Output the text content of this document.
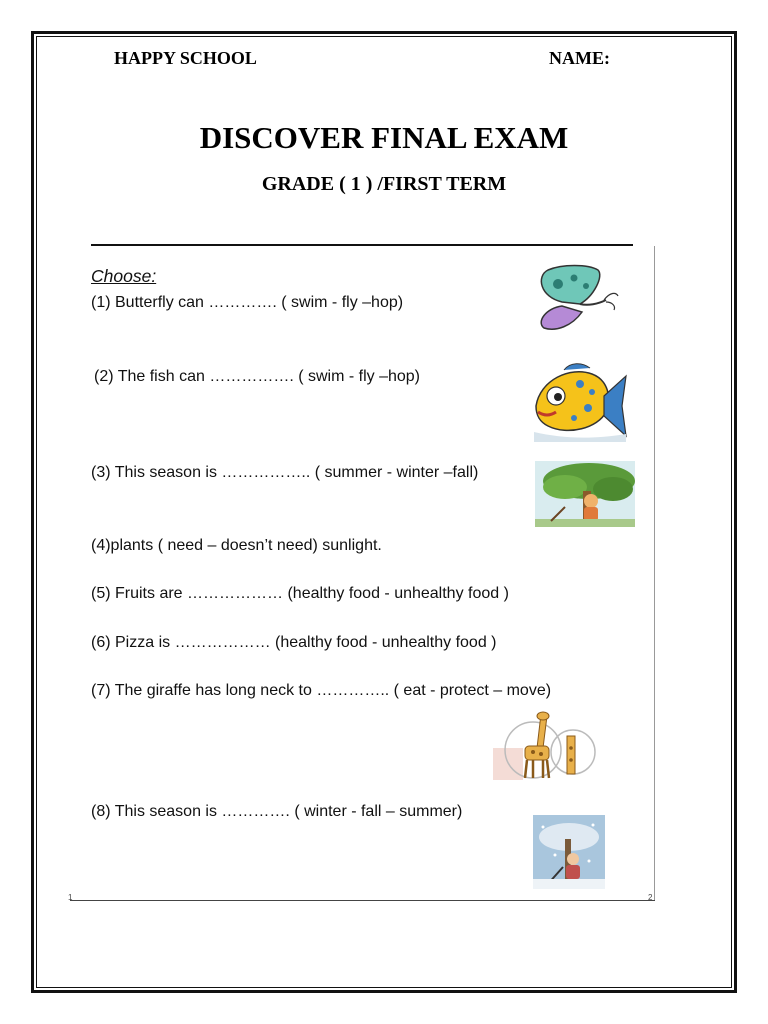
HAPPY SCHOOL	NAME:
DISCOVER FINAL EXAM
GRADE ( 1 ) /FIRST TERM
1	2
Choose:
(1) Butterfly can …………. ( swim - fly –hop)
(2) The fish can ……………. ( swim - fly –hop)
(3) This season is …………….. ( summer - winter –fall)
(4)plants ( need – doesn’t need) sunlight.
(5) Fruits are ……………… (healthy food - unhealthy food )
(6) Pizza is ……………… (healthy food - unhealthy food )
(7) The giraffe has long neck to ………….. ( eat - protect – move)
(8) This season is …………. ( winter - fall – summer)
